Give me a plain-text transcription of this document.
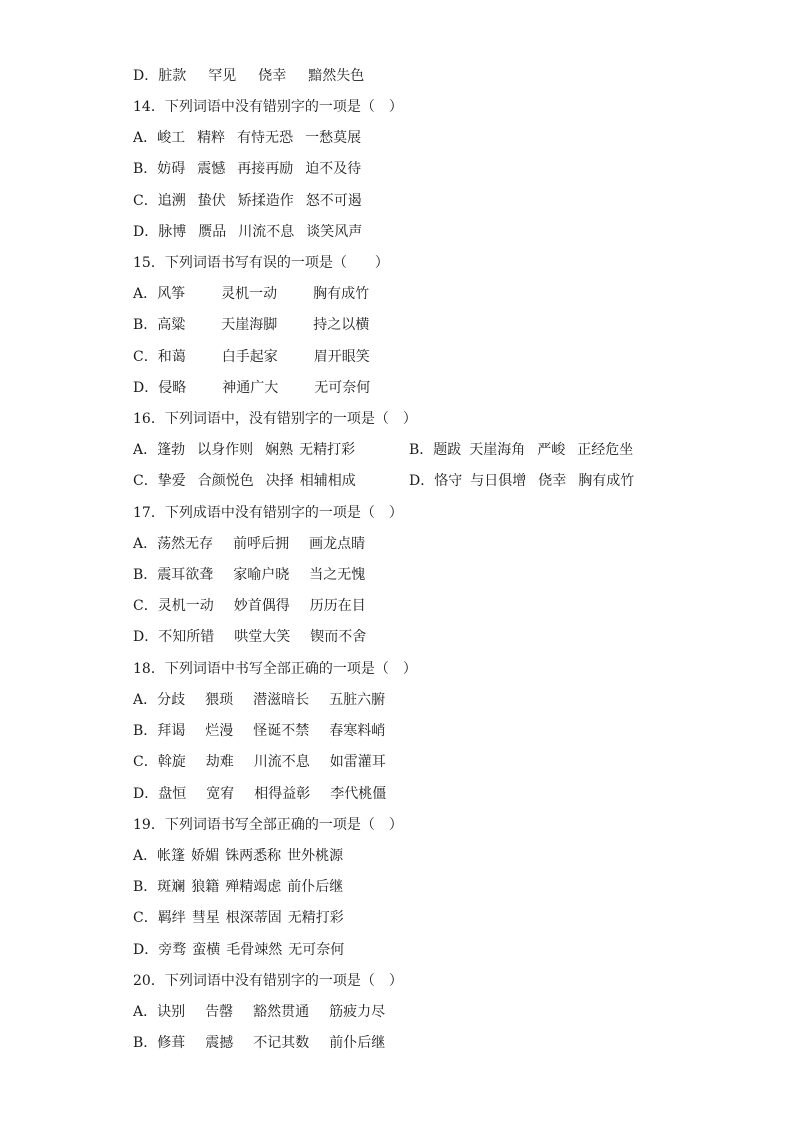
D．脏款 罕见 侥幸 黯然失色
14．下列词语中没有错别字的一项是（　）
A．峻工 精粹 有恃无恐 一愁莫展
B．妨碍 震憾 再接再励 迫不及待
C．追溯 蛰伏 矫揉造作 怒不可遏
D．脉博 赝品 川流不息 谈笑风声
15．下列词语书写有误的一项是（　　）
A．风筝	灵机一动	胸有成竹
B．高粱	天崖海脚	持之以横
C．和蔼	白手起家	眉开眼笑
D．侵略	神通广大	无可奈何
16．下列词语中，没有错别字的一项是（　）
A．篷勃 以身作则 娴熟 无精打彩	B．题跋 天崖海角 严峻 正经危坐
C．挚爱 合颜悦色 决择 相辅相成	D．恪守 与日俱增 侥幸 胸有成竹
17．下列成语中没有错别字的一项是（　）
A．荡然无存 前呼后拥 画龙点睛
B．震耳欲聋 家喻户晓 当之无愧
C．灵机一动 妙首偶得 历历在目
D．不知所错 哄堂大笑 锲而不舍
18．下列词语中书写全部正确的一项是（　）
A．分歧 猥琐 潜滋暗长 五脏六腑
B．拜谒 烂漫 怪诞不禁 春寒料峭
C．斡旋 劫难 川流不息 如雷灌耳
D．盘恒 宽宥 相得益彰 李代桃僵
19．下列词语书写全部正确的一项是（　）
A．帐篷 娇媚 铢两悉称 世外桃源
B．斑斓 狼籍 殚精竭虑 前仆后继
C．羁绊 彗星 根深蒂固 无精打彩
D．旁骛 蛮横 毛骨竦然 无可奈何
20．下列词语中没有错别字的一项是（　）
A．诀别 告罄 豁然贯通 筋疲力尽
B．修葺 震撼 不记其数 前仆后继
